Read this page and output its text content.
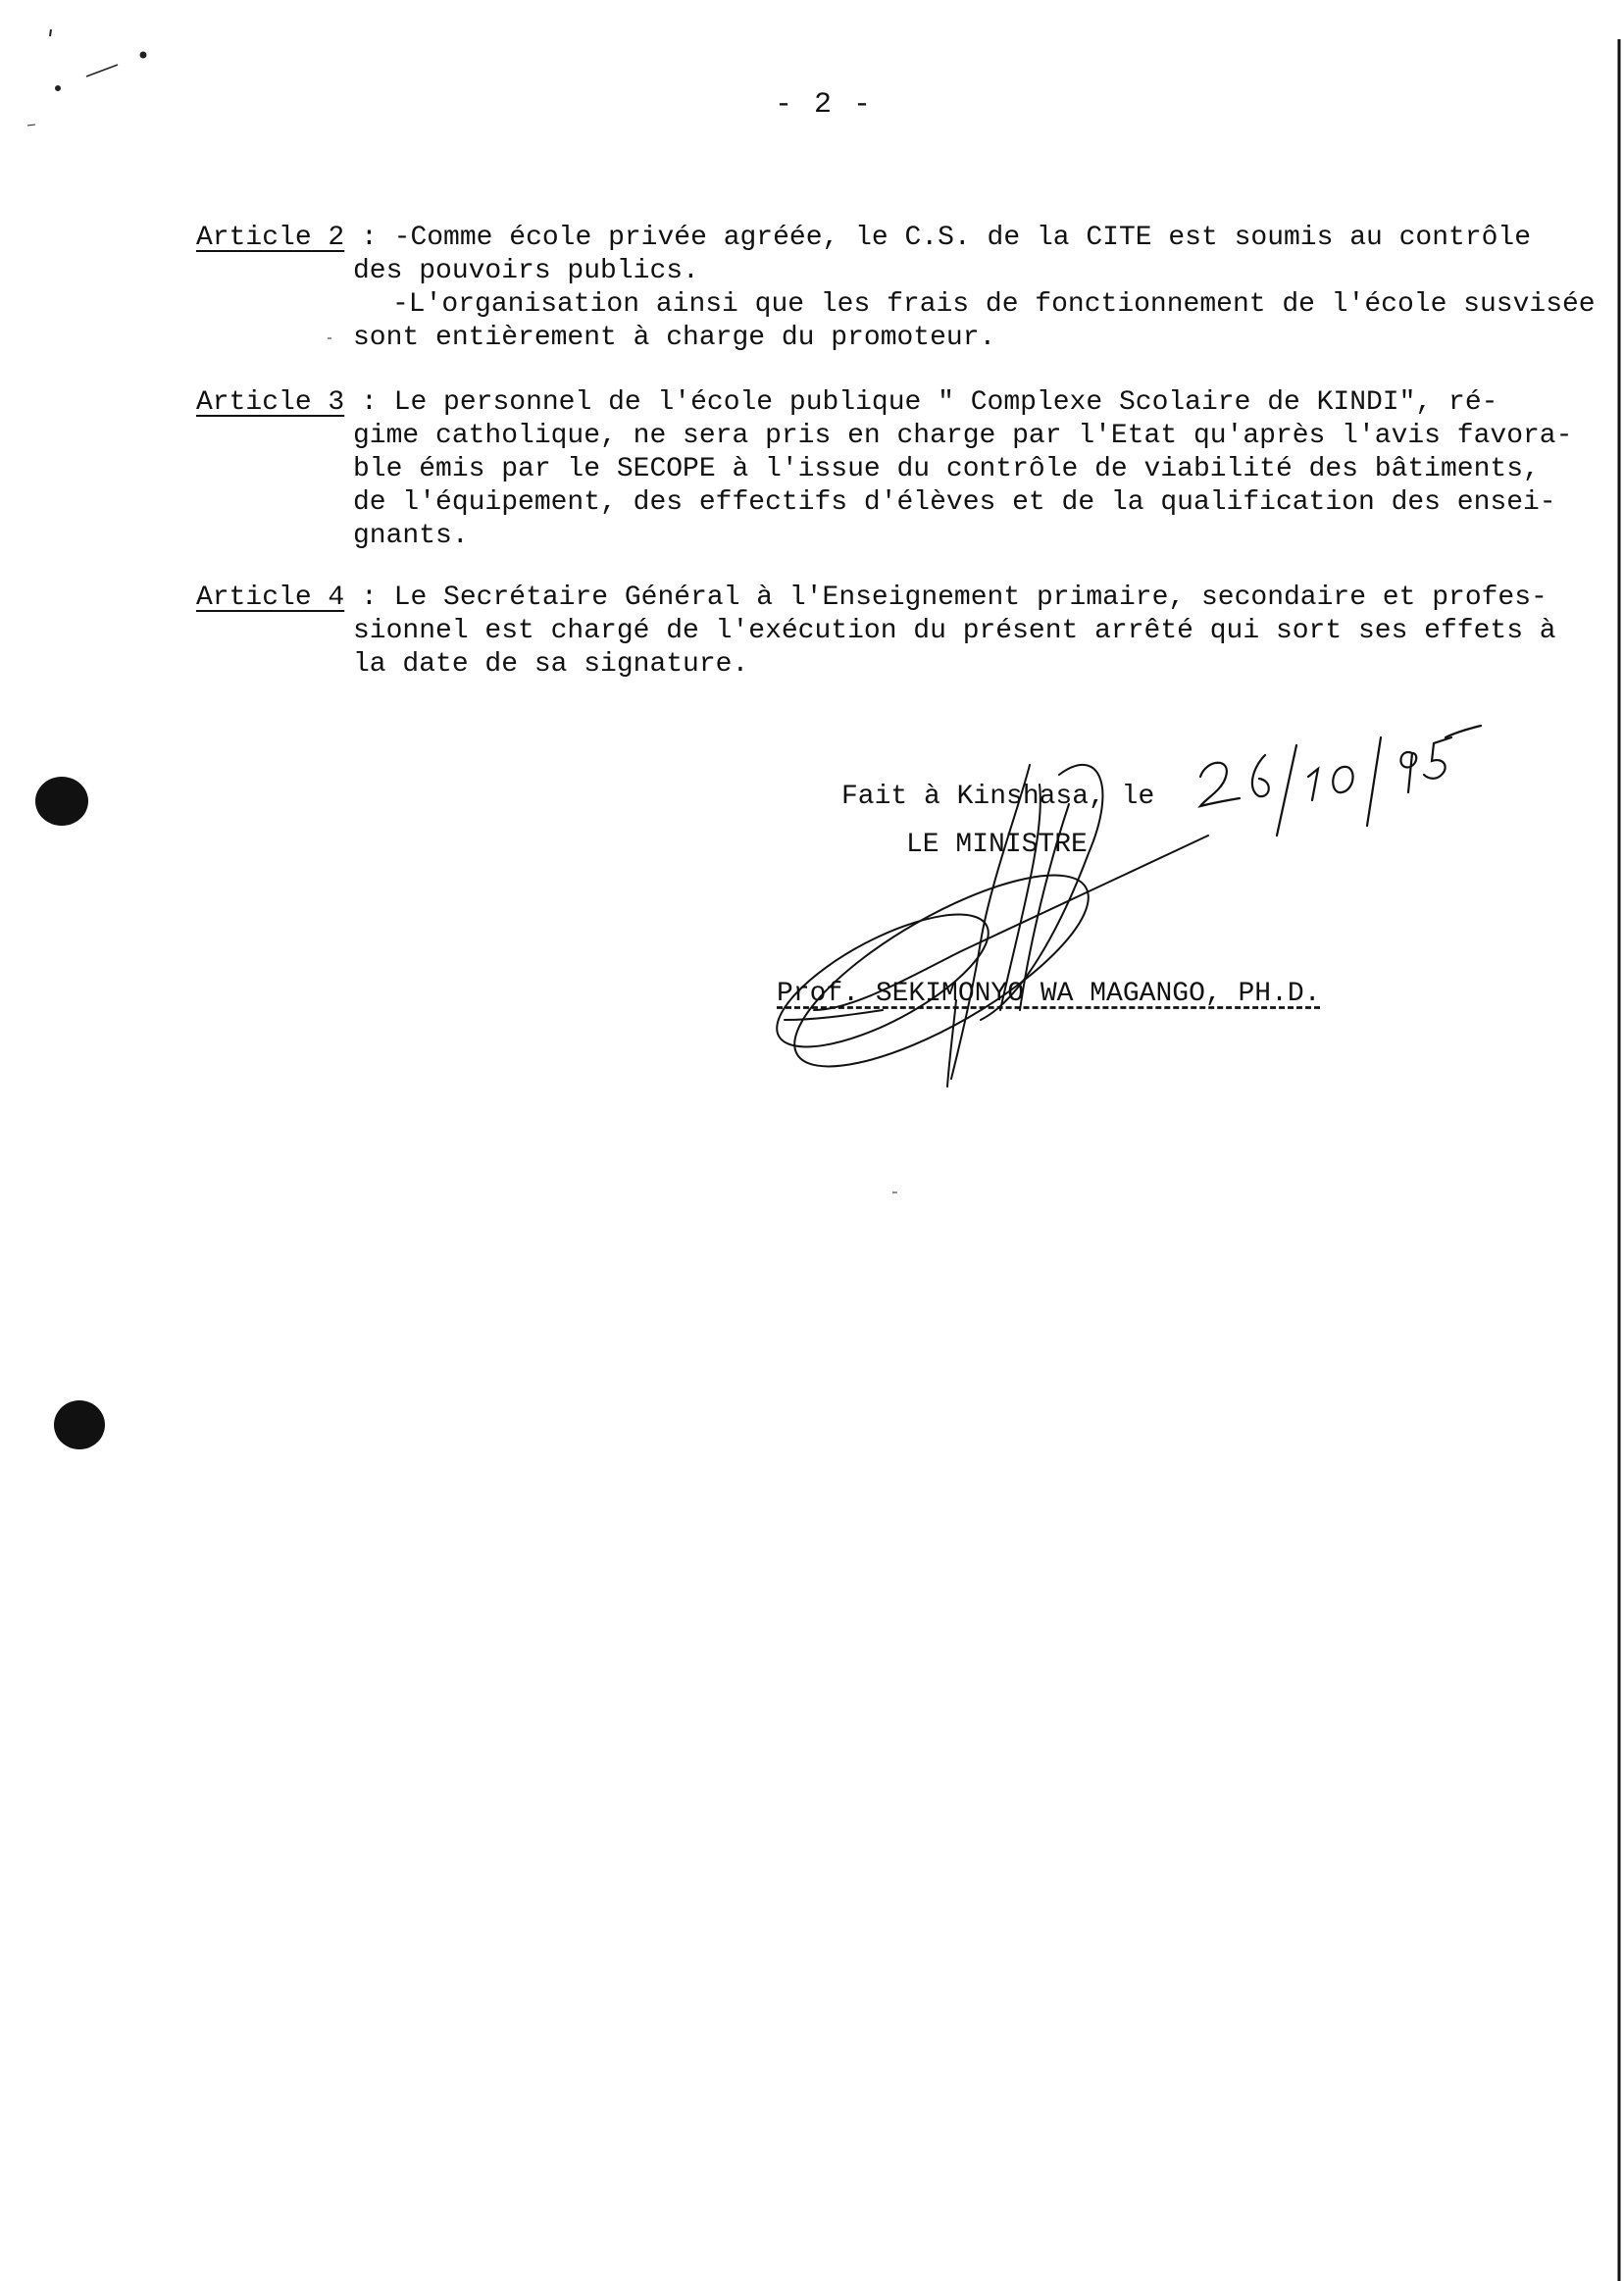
- 2 -
Article 2 : -Comme école privée agréée, le C.S. de la CITE est soumis au contrôle
des pouvoirs publics.
-L'organisation ainsi que les frais de fonctionnement de l'école susvisée
sont entièrement à charge du promoteur.
Article 3 : Le personnel de l'école publique " Complexe Scolaire de KINDI", ré-
gime catholique, ne sera pris en charge par l'Etat qu'après l'avis favora-
ble émis par le SECOPE à l'issue du contrôle de viabilité des bâtiments,
de l'équipement, des effectifs d'élèves et de la qualification des ensei-
gnants.
Article 4 : Le Secrétaire Général à l'Enseignement primaire, secondaire et profes-
sionnel est chargé de l'exécution du présent arrêté qui sort ses effets à
la date de sa signature.
Fait à Kinshasa, le
LE MINISTRE
Prof. SEKIMONYO WA MAGANGO, PH.D.
